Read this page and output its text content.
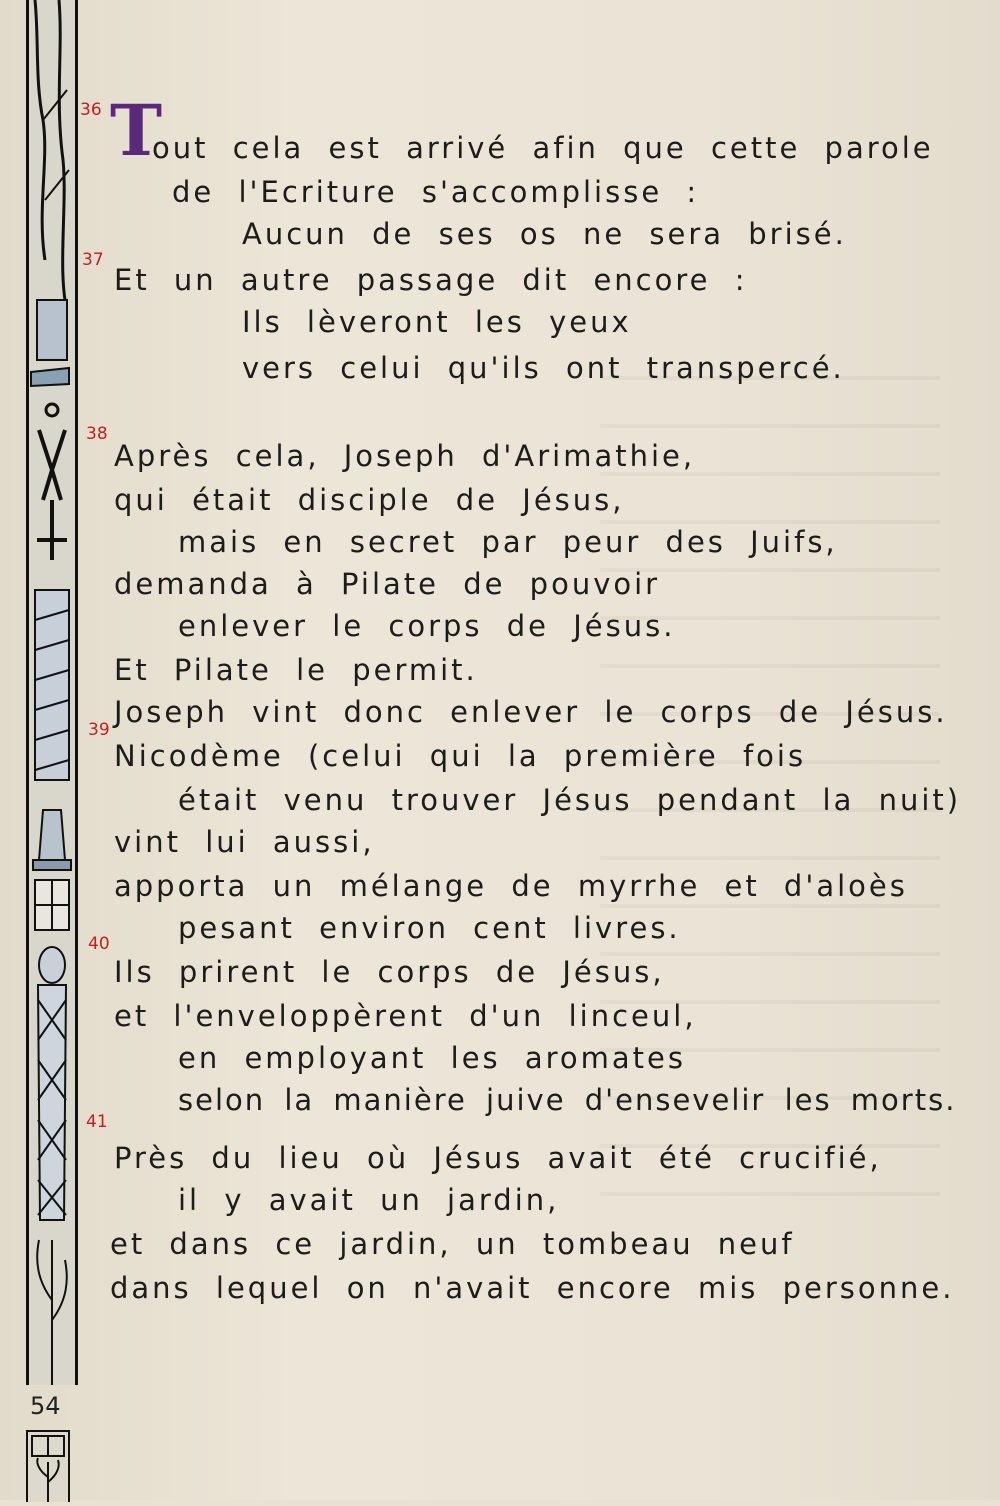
54
36 T
out cela est arrivé afin que cette parole
de l'Ecriture s'accomplisse :
Aucun de ses os ne sera brisé.
37
Et un autre passage dit encore :
Ils lèveront les yeux
vers celui qu'ils ont transpercé.
38
Après cela, Joseph d'Arimathie,
qui était disciple de Jésus,
mais en secret par peur des Juifs,
demanda à Pilate de pouvoir
enlever le corps de Jésus.
Et Pilate le permit.
Joseph vint donc enlever le corps de Jésus.
39
Nicodème (celui qui la première fois
était venu trouver Jésus pendant la nuit)
vint lui aussi,
apporta un mélange de myrrhe et d'aloès
pesant environ cent livres.
40
Ils prirent le corps de Jésus,
et l'enveloppèrent d'un linceul,
en employant les aromates
selon la manière juive d'ensevelir les morts.
41
Près du lieu où Jésus avait été crucifié,
il y avait un jardin,
et dans ce jardin, un tombeau neuf
dans lequel on n'avait encore mis personne.
